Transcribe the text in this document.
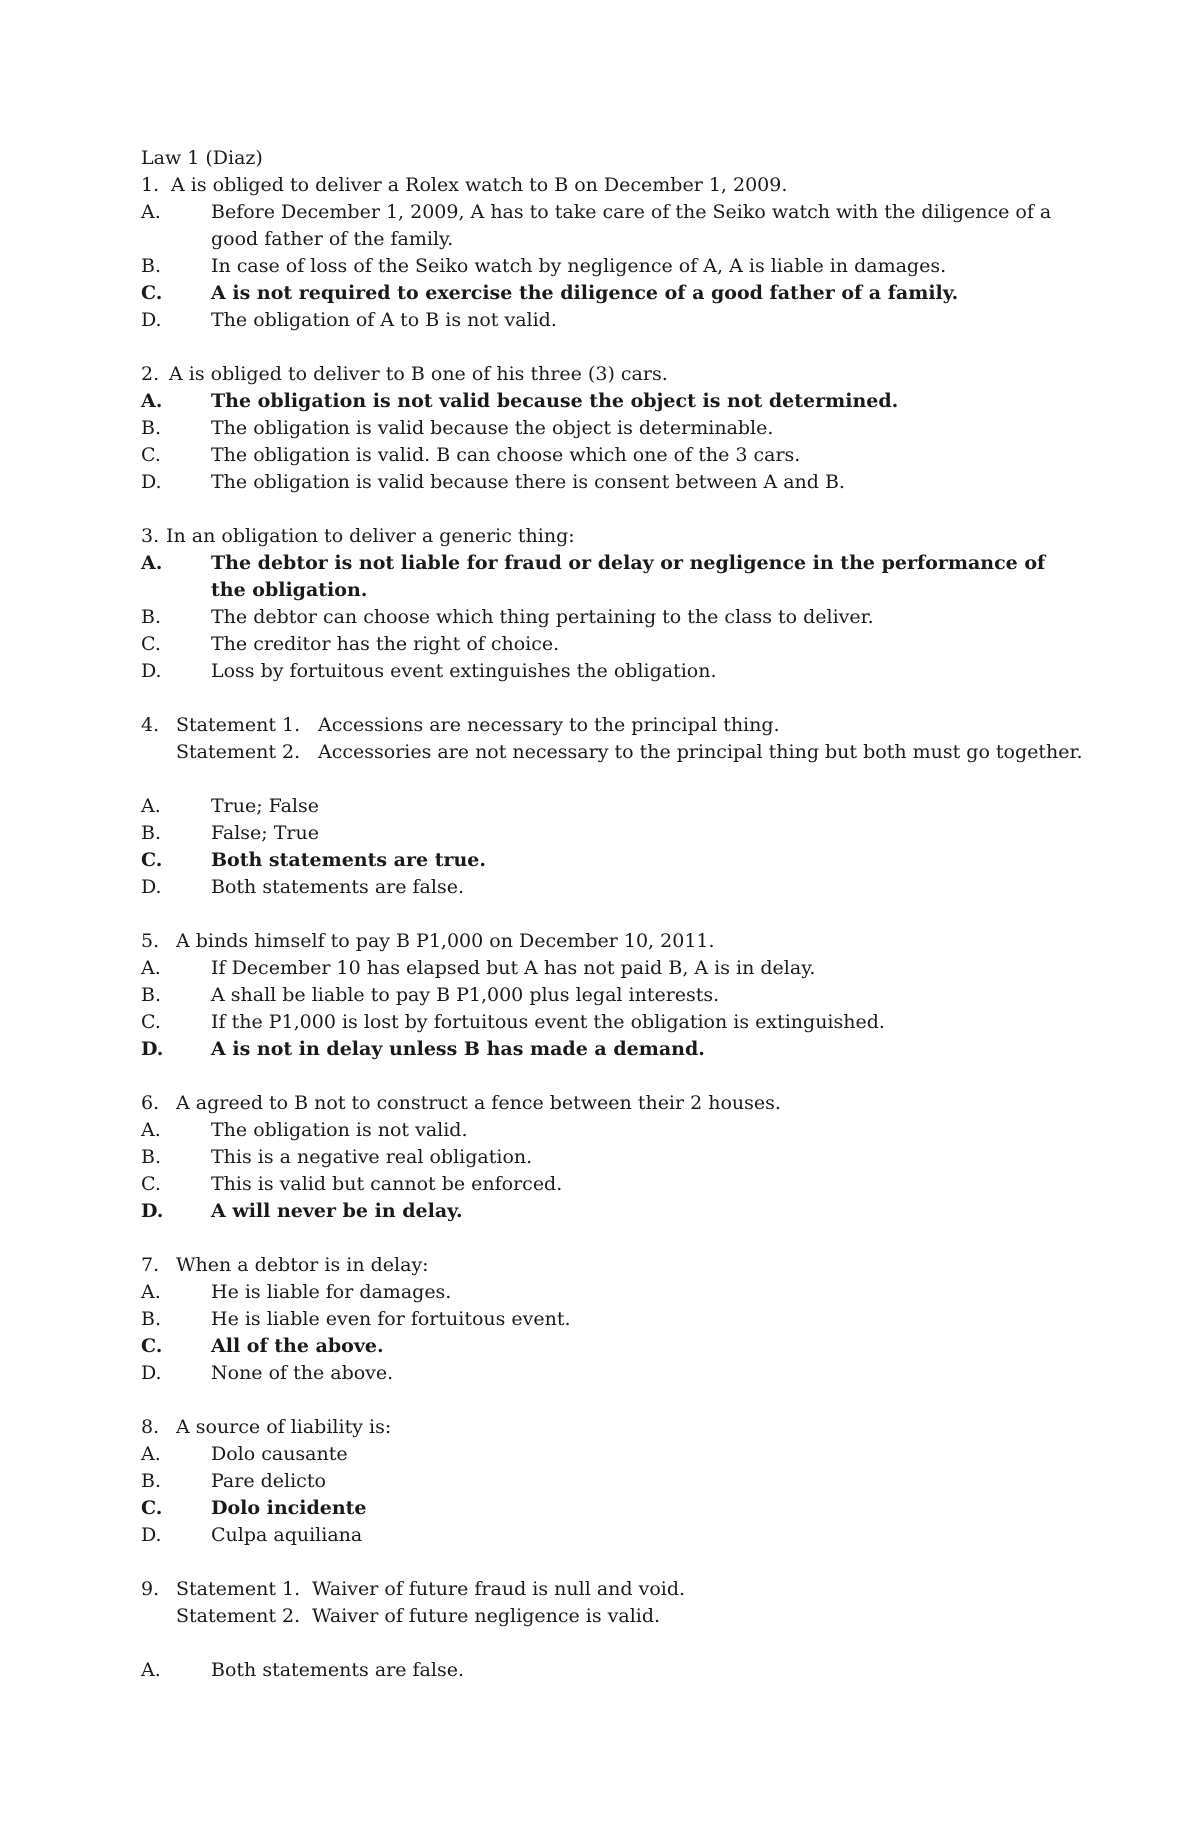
Law 1 (Diaz)
1. A is obliged to deliver a Rolex watch to B on December 1, 2009.
A.	Before December 1, 2009, A has to take care of the Seiko watch with the diligence of a good father of the family.
B.	In case of loss of the Seiko watch by negligence of A, A is liable in damages.
C.	A is not required to exercise the diligence of a good father of a family.
D.	The obligation of A to B is not valid.
2. A is obliged to deliver to B one of his three (3) cars.
A.	The obligation is not valid because the object is not determined.
B.	The obligation is valid because the object is determinable.
C.	The obligation is valid. B can choose which one of the 3 cars.
D.	The obligation is valid because there is consent between A and B.
3. In an obligation to deliver a generic thing:
A.	The debtor is not liable for fraud or delay or negligence in the performance of the obligation.
B.	The debtor can choose which thing pertaining to the class to deliver.
C.	The creditor has the right of choice.
D.	Loss by fortuitous event extinguishes the obligation.
4. Statement 1. Accessions are necessary to the principal thing.
Statement 2. Accessories are not necessary to the principal thing but both must go together.
A.	True; False
B.	False; True
C.	Both statements are true.
D.	Both statements are false.
5. A binds himself to pay B P1,000 on December 10, 2011.
A.	If December 10 has elapsed but A has not paid B, A is in delay.
B.	A shall be liable to pay B P1,000 plus legal interests.
C.	If the P1,000 is lost by fortuitous event the obligation is extinguished.
D.	A is not in delay unless B has made a demand.
6. A agreed to B not to construct a fence between their 2 houses.
A.	The obligation is not valid.
B.	This is a negative real obligation.
C.	This is valid but cannot be enforced.
D.	A will never be in delay.
7. When a debtor is in delay:
A.	He is liable for damages.
B.	He is liable even for fortuitous event.
C.	All of the above.
D.	None of the above.
8. A source of liability is:
A.	Dolo causante
B.	Pare delicto
C.	Dolo incidente
D.	Culpa aquiliana
9. Statement 1. Waiver of future fraud is null and void.
Statement 2. Waiver of future negligence is valid.
A.	Both statements are false.
